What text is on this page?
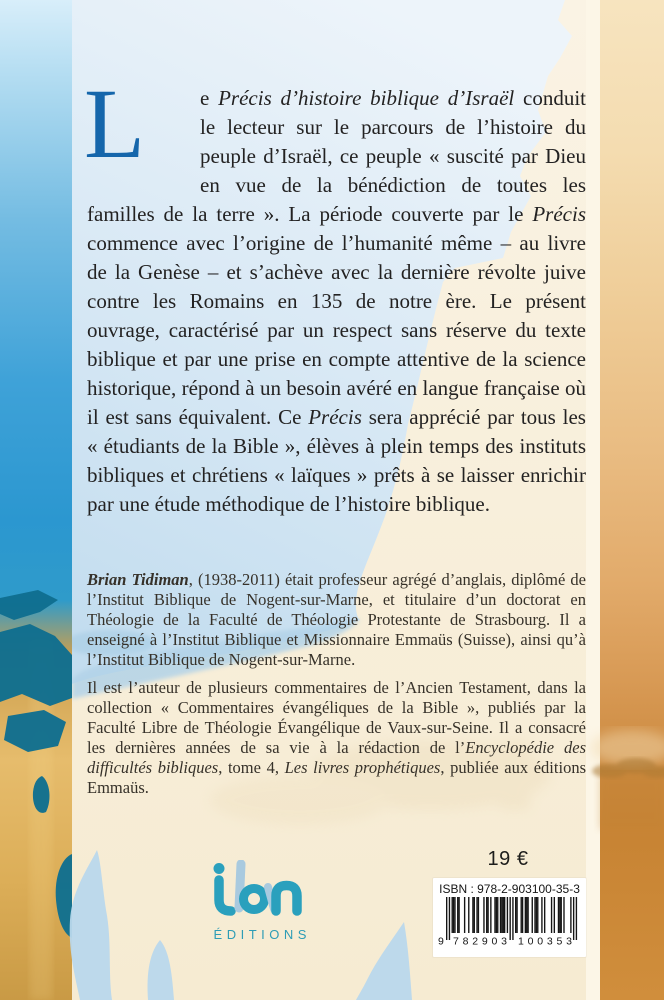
L	e Précis d’histoire biblique d’Israël conduit le lecteur sur le parcours de l’histoire du peuple d’Israël, ce peuple « suscité par Dieu en vue de la bénédiction de toutes les familles de la terre ». La période couverte par le Précis commence avec l’origine de l’humanité même – au livre de la Genèse – et s’achève avec la dernière révolte juive contre les Romains en 135 de notre ère. Le présent ouvrage, caractérisé par un respect sans réserve du texte biblique et par une prise en compte attentive de la science historique, répond à un besoin avéré en langue française où il est sans équivalent. Ce Précis sera apprécié par tous les « étudiants de la Bible », élèves à plein temps des instituts bibliques et chrétiens « laïques » prêts à se laisser enrichir par une étude méthodique de l’histoire biblique.
Brian Tidiman, (1938-2011) était professeur agrégé d’anglais, diplômé de l’Institut Biblique de Nogent-sur-Marne, et titulaire d’un doctorat en Théologie de la Faculté de Théologie Protestante de Strasbourg. Il a enseigné à l’Institut Biblique et Missionnaire Emmaüs (Suisse), ainsi qu’à l’Institut Biblique de Nogent-sur-Marne.
Il est l’auteur de plusieurs commentaires de l’Ancien Testament, dans la collection « Commentaires évangéliques de la Bible », publiés par la Faculté Libre de Théologie Évangélique de Vaux-sur-Seine. Il a consacré les dernières années de sa vie à la rédaction de l’Encyclopédie des difficultés bibliques, tome 4, Les livres prophétiques, publiée aux éditions Emmaüs.
19 €
ISBN : 978-2-903100-35-3
9 782903 100353
ÉDITIONS
